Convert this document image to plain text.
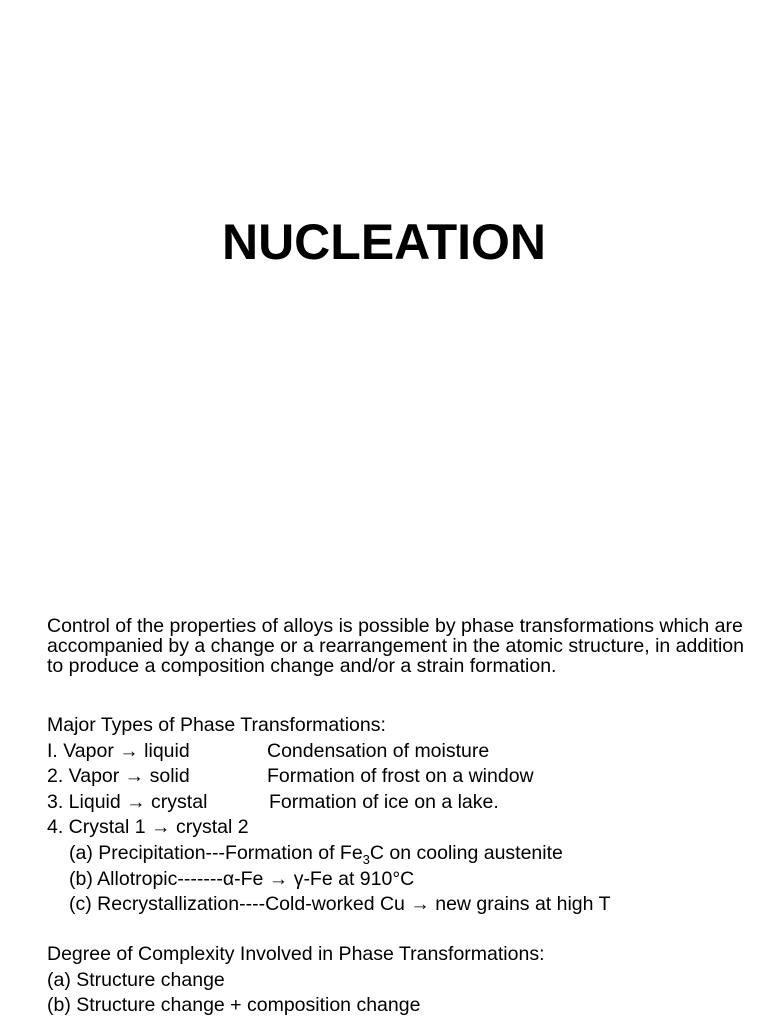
NUCLEATION

Control of the properties of alloys is possible by phase transformations which are accompanied by a change or a rearrangement in the atomic structure, in addition to produce a composition change and/or a strain formation.

Major Types of Phase Transformations:
I. Vapor → liquid	Condensation of moisture
2. Vapor → solid	Formation of frost on a window
3. Liquid → crystal	Formation of ice on a lake.
4. Crystal 1 → crystal 2
(a) Precipitation---Formation of $Fe_3C$ on cooling austenite
(b) Allotropic-------α-Fe → γ-Fe at 910°C
(c) Recrystallization----Cold-worked Cu → new grains at high T
Degree of Complexity Involved in Phase Transformations:
(a) Structure change
(b) Structure change + composition change
